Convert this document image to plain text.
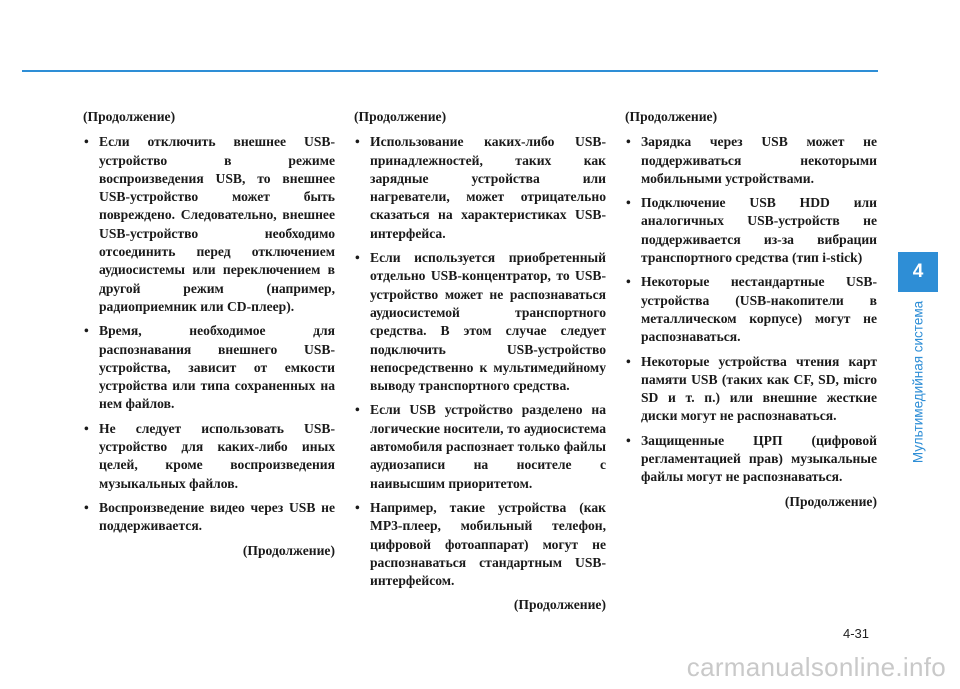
(Продолжение)

• Если отключить внешнее USB-устройство в режиме воспроизведения USB, то внешнее USB-устройство может быть повреждено. Следовательно, внешнее USB-устройство необходимо отсоединить перед отключением аудиосистемы или переключением в другой режим (например, радиоприемник или CD-плеер).
• Время, необходимое для распознавания внешнего USB-устройства, зависит от емкости устройства или типа сохраненных на нем файлов.
• Не следует использовать USB-устройство для каких-либо иных целей, кроме воспроизведения музыкальных файлов.
• Воспроизведение видео через USB не поддерживается.

(Продолжение)

(Продолжение)

• Использование каких-либо USB-принадлежностей, таких как зарядные устройства или нагреватели, может отрицательно сказаться на характеристиках USB-интерфейса.
• Если используется приобретенный отдельно USB-концентратор, то USB-устройство может не распознаваться аудиосистемой транспортного средства. В этом случае следует подключить USB-устройство непосредственно к мультимедийному выводу транспортного средства.
• Если USB устройство разделено на логические носители, то аудиосистема автомобиля распознает только файлы аудиозаписи на носителе с наивысшим приоритетом.
• Например, такие устройства (как MP3-плеер, мобильный телефон, цифровой фотоаппарат) могут не распознаваться стандартным USB-интерфейсом.

(Продолжение)

(Продолжение)

• Зарядка через USB может не поддерживаться некоторыми мобильными устройствами.
• Подключение USB HDD или аналогичных USB-устройств не поддерживается из-за вибрации транспортного средства (тип i-stick)
• Некоторые нестандартные USB-устройства (USB-накопители в металлическом корпусе) могут не распознаваться.
• Некоторые устройства чтения карт памяти USB (таких как CF, SD, micro SD и т. п.) или внешние жесткие диски могут не распознаваться.
• Защищенные ЦРП (цифровой регламентацией прав) музыкальные файлы могут не распознаваться.

(Продолжение)

4
Мультимедийная система
4-31
carmanualsonline.info
